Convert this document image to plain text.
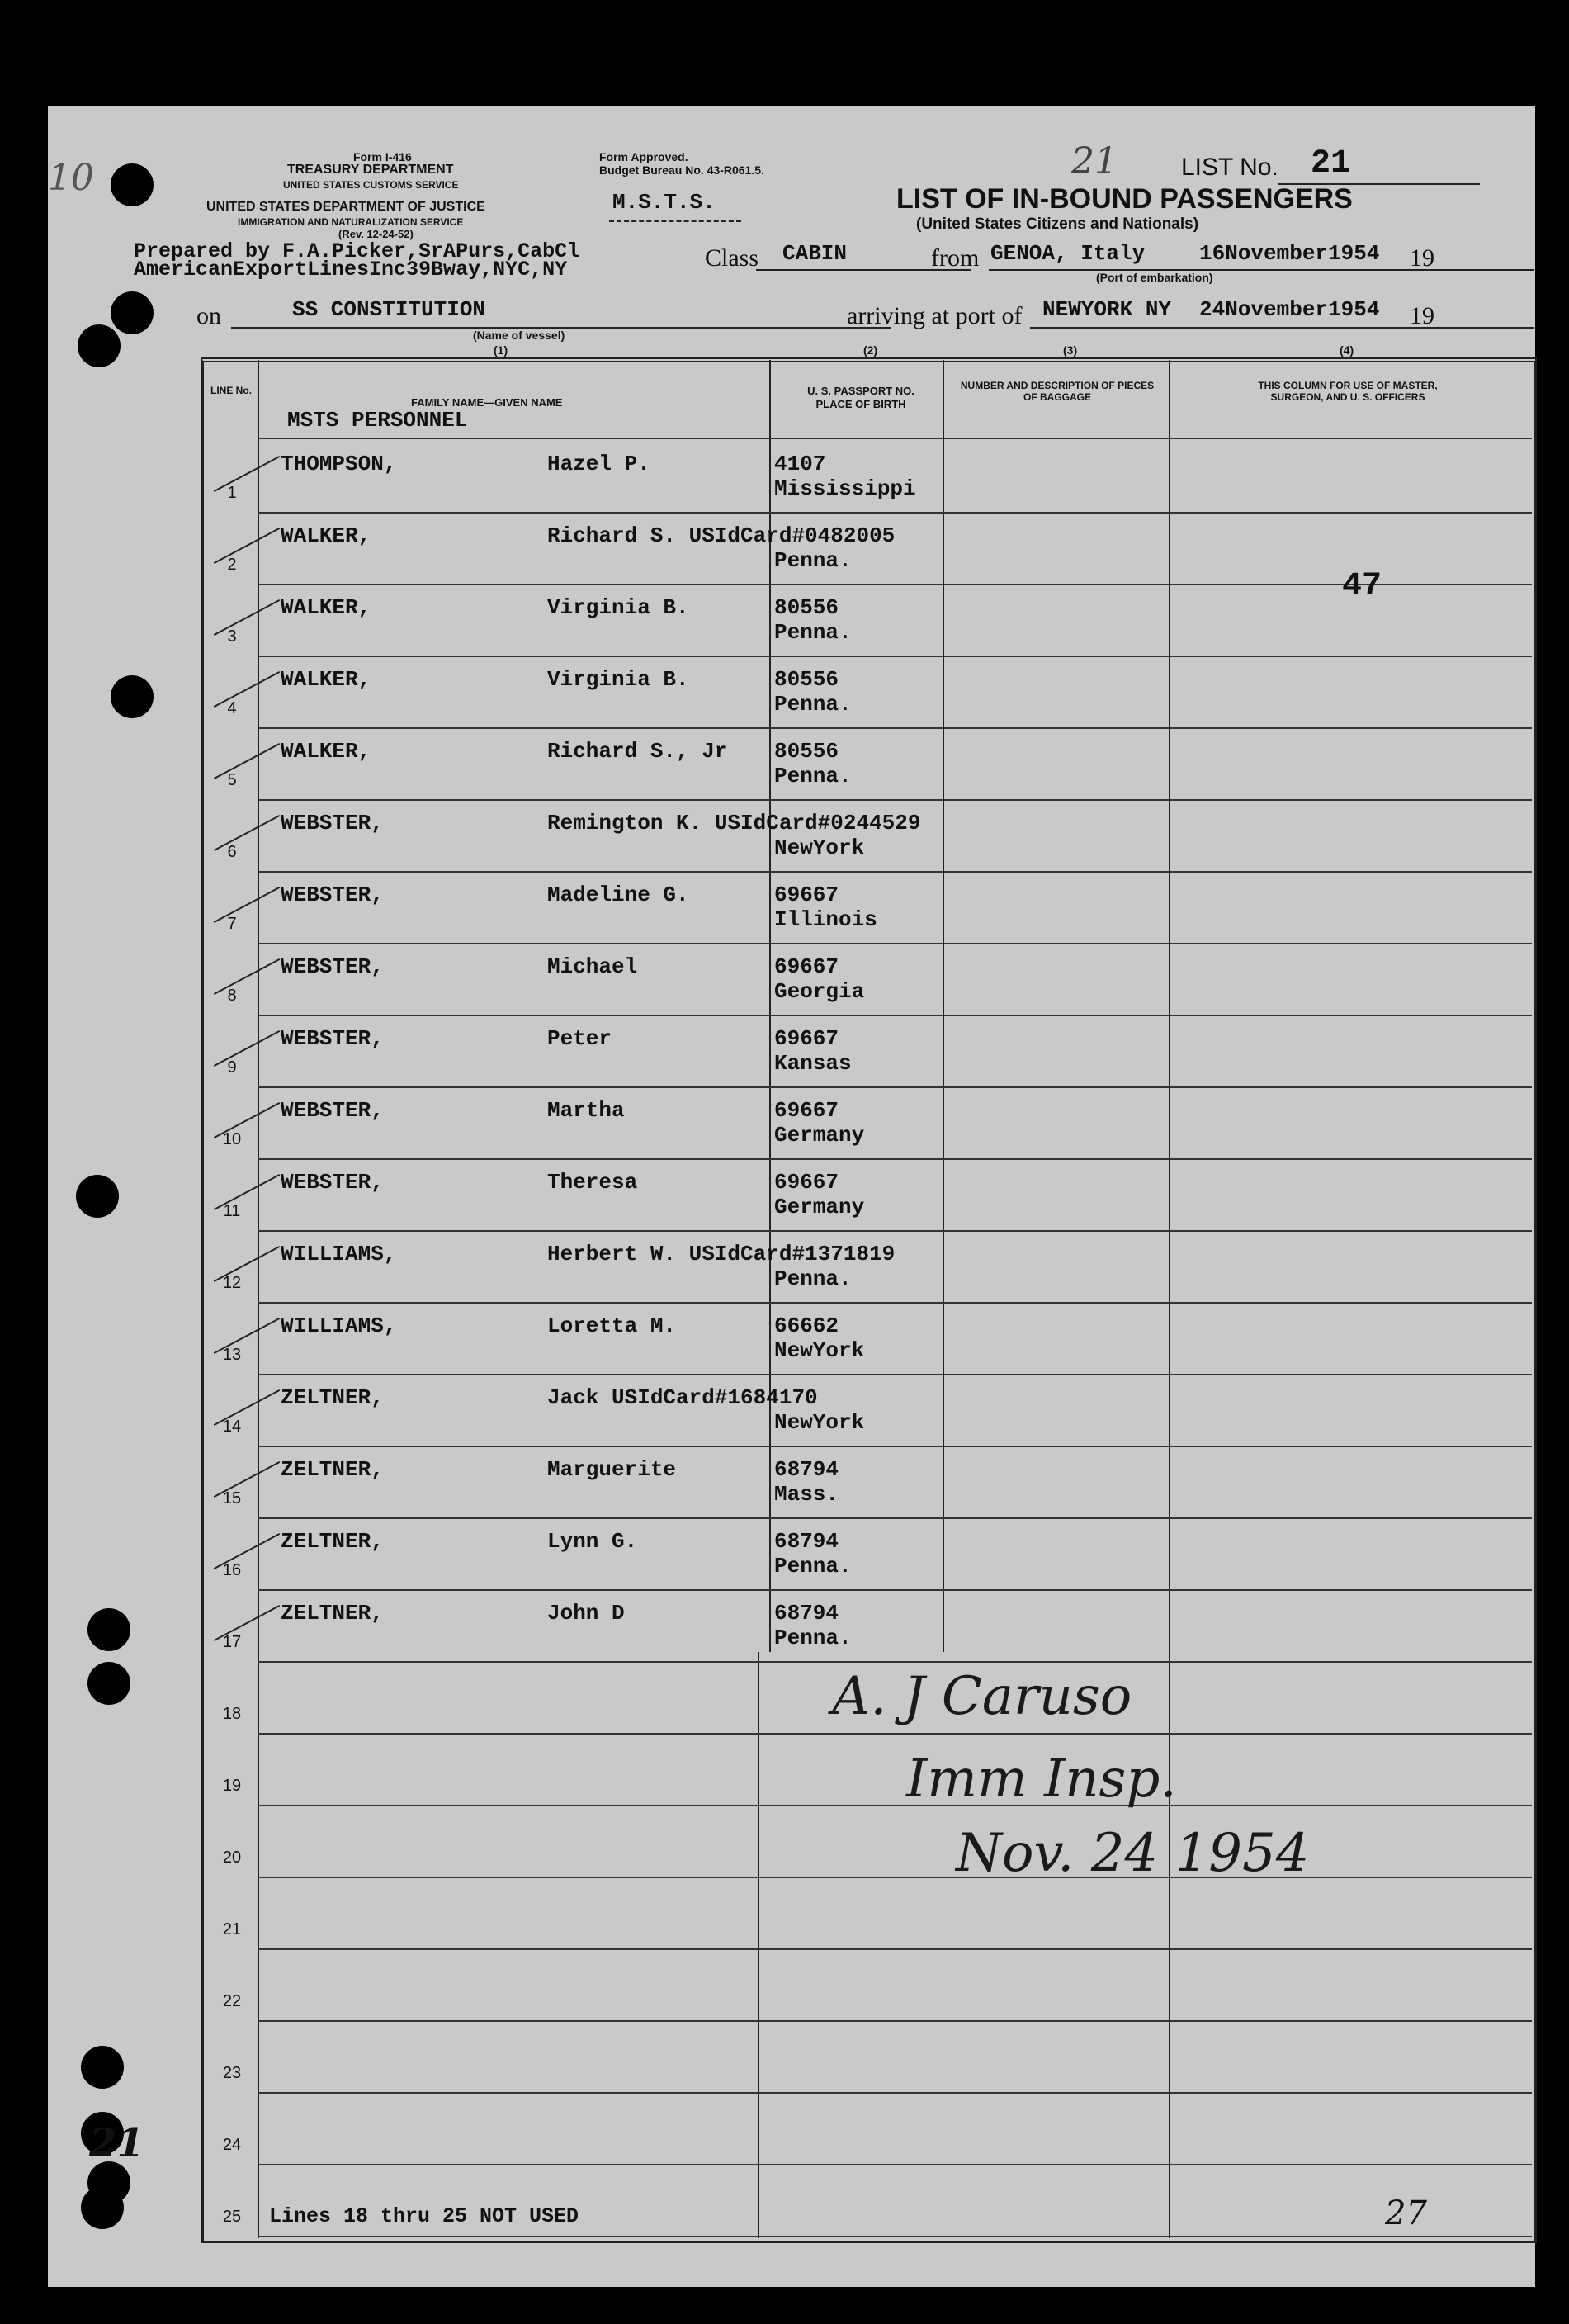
10
21
Form I-416
TREASURY DEPARTMENT
UNITED STATES CUSTOMS SERVICE
UNITED STATES DEPARTMENT OF JUSTICE
IMMIGRATION AND NATURALIZATION SERVICE
(Rev. 12-24-52)
Form Approved.
Budget Bureau No. 43-R061.5.
M.S.T.S.
21	LIST No. 21
LIST OF IN-BOUND PASSENGERS
(United States Citizens and Nationals)
Prepared by F.A.Picker,SrAPurs,CabCl
AmericanExportLinesInc39Bway,NYC,NY	Class CABIN	from GENOA, Italy	16November1954 19
(Port of embarkation)
on	SS CONSTITUTION
(Name of vessel)
arriving at port of NEWYORK NY 24November1954 19
(1)	(2)	(3)	(4)
LINE No.
FAMILY NAME—GIVEN NAME
U. S. PASSPORT NO. PLACE OF BIRTH
NUMBER AND DESCRIPTION OF PIECES OF BAGGAGE
THIS COLUMN FOR USE OF MASTER, SURGEON, AND U. S. OFFICERS
MSTS PERSONNEL
1
THOMPSON,	Hazel P.	4107
Mississippi
2
WALKER,	Richard S. USIdCard#0482005
Penna.
3
WALKER,	Virginia B.	80556
Penna.
4
WALKER,	Virginia B.	80556
Penna.
5
WALKER,	Richard S., Jr 80556
Penna.
6
WEBSTER,	Remington K. USIdCard#0244529
NewYork
7
WEBSTER,	Madeline G.	69667
Illinois
8
WEBSTER,	Michael	69667
Georgia
9
WEBSTER,	Peter	69667
Kansas
10
WEBSTER,	Martha	69667
Germany
11
WEBSTER,	Theresa	69667
Germany
12
WILLIAMS,	Herbert W. USIdCard#1371819
Penna.
13
WILLIAMS,	Loretta M.	66662
NewYork
14
ZELTNER,	Jack USIdCard#1684170
NewYork
15
ZELTNER,	Marguerite	68794
Mass.
16
ZELTNER,	Lynn G.	68794
Penna.
17
ZELTNER,	John D	68794
Penna.
18
19
20
21
22
23
24
25
47
A. J Caruso
Imm Insp.
Nov. 24 1954
Lines 18 thru 25 NOT USED	27
